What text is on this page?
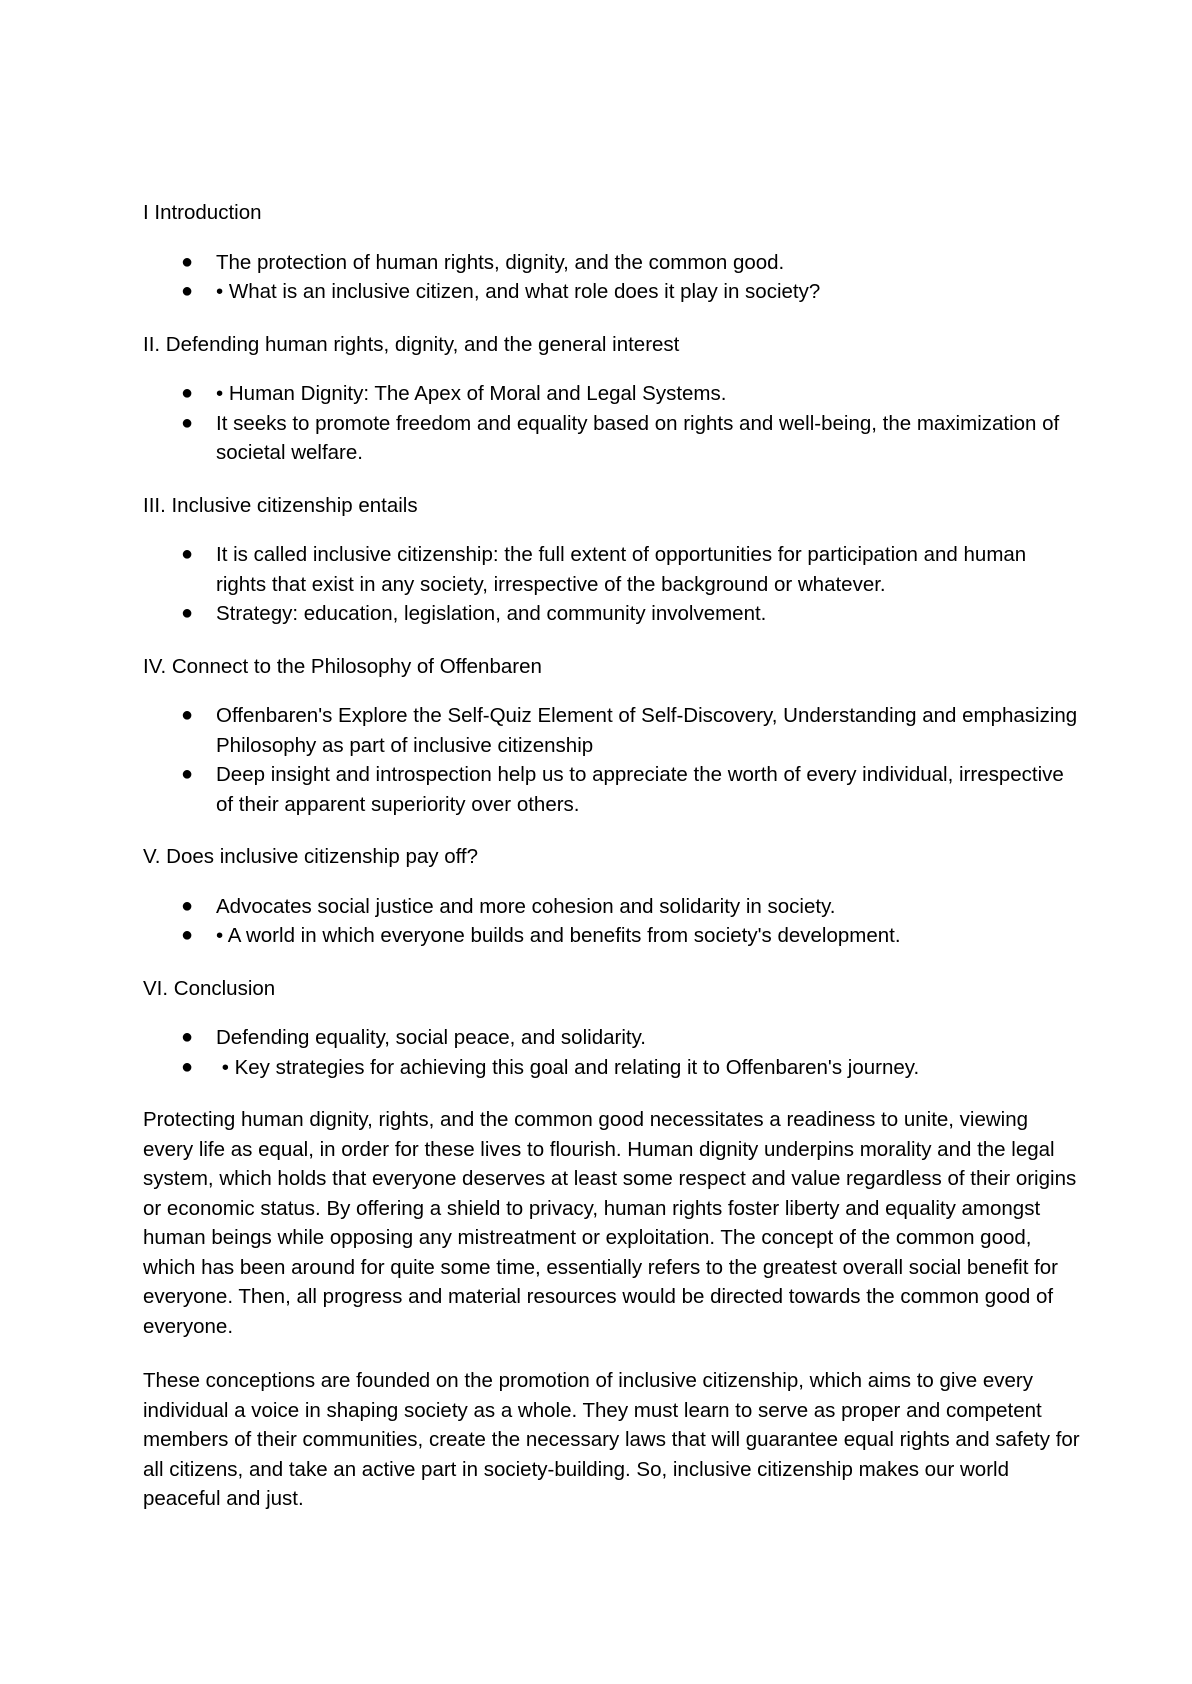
I Introduction
● The protection of human rights, dignity, and the common good.
● • What is an inclusive citizen, and what role does it play in society?
II. Defending human rights, dignity, and the general interest
● • Human Dignity: The Apex of Moral and Legal Systems.
● It seeks to promote freedom and equality based on rights and well-being, the maximization of societal welfare.
III. Inclusive citizenship entails
● It is called inclusive citizenship: the full extent of opportunities for participation and human rights that exist in any society, irrespective of the background or whatever.
● Strategy: education, legislation, and community involvement.
IV. Connect to the Philosophy of Offenbaren
● Offenbaren's Explore the Self-Quiz Element of Self-Discovery, Understanding and emphasizing Philosophy as part of inclusive citizenship
● Deep insight and introspection help us to appreciate the worth of every individual, irrespective of their apparent superiority over others.
V. Does inclusive citizenship pay off?
● Advocates social justice and more cohesion and solidarity in society.
● • A world in which everyone builds and benefits from society's development.
VI. Conclusion
● Defending equality, social peace, and solidarity.
● • Key strategies for achieving this goal and relating it to Offenbaren's journey.

Protecting human dignity, rights, and the common good necessitates a readiness to unite, viewing every life as equal, in order for these lives to flourish. Human dignity underpins morality and the legal system, which holds that everyone deserves at least some respect and value regardless of their origins or economic status. By offering a shield to privacy, human rights foster liberty and equality amongst human beings while opposing any mistreatment or exploitation. The concept of the common good, which has been around for quite some time, essentially refers to the greatest overall social benefit for everyone. Then, all progress and material resources would be directed towards the common good of everyone.

These conceptions are founded on the promotion of inclusive citizenship, which aims to give every individual a voice in shaping society as a whole. They must learn to serve as proper and competent members of their communities, create the necessary laws that will guarantee equal rights and safety for all citizens, and take an active part in society-building. So, inclusive citizenship makes our world peaceful and just.
